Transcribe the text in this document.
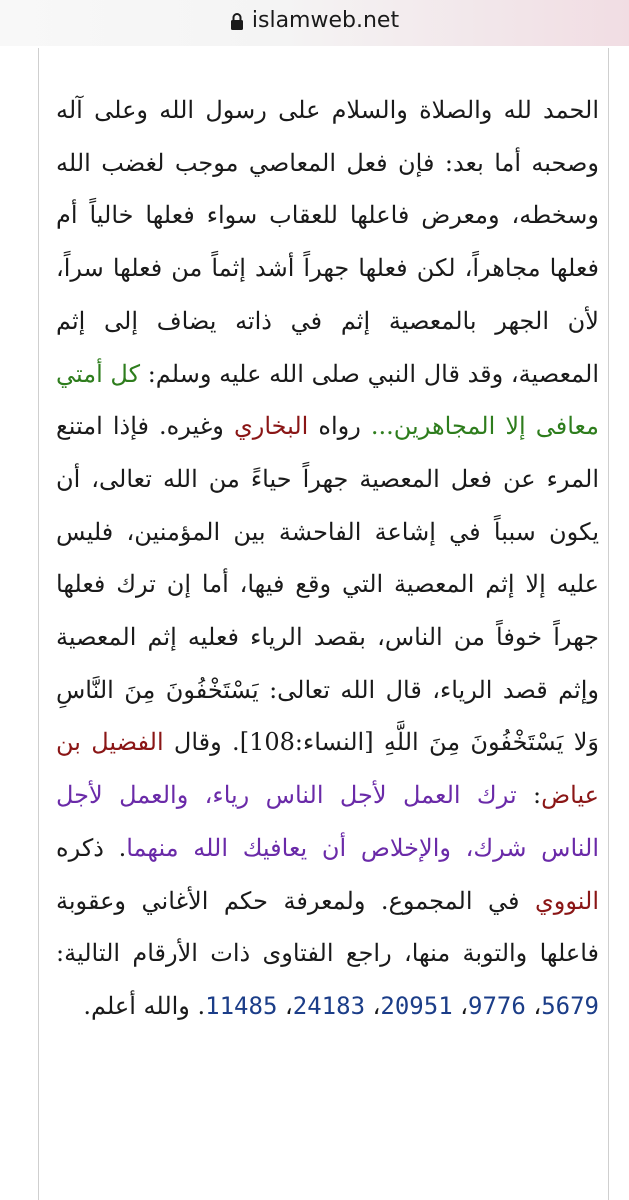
islamweb.net
الحمد لله والصلاة والسلام على رسول الله وعلى آله وصحبه أما بعد: فإن فعل المعاصي موجب لغضب الله وسخطه، ومعرض فاعلها للعقاب سواء فعلها خالياً أم فعلها مجاهراً، لكن فعلها جهراً أشد إثماً من فعلها سراً، لأن الجهر بالمعصية إثم في ذاته يضاف إلى إثم المعصية، وقد قال النبي صلى الله عليه وسلم: كل أمتي معافى إلا المجاهرين... رواه البخاري وغيره. فإذا امتنع المرء عن فعل المعصية جهراً حياءً من الله تعالى، أن يكون سبباً في إشاعة الفاحشة بين المؤمنين، فليس عليه إلا إثم المعصية التي وقع فيها، أما إن ترك فعلها جهراً خوفاً من الناس، بقصد الرياء فعليه إثم المعصية وإثم قصد الرياء، قال الله تعالى: يَسْتَخْفُونَ مِنَ النَّاسِ وَلا يَسْتَخْفُونَ مِنَ اللَّهِ [النساء:108]. وقال الفضيل بن عياض: ترك العمل لأجل الناس رياء، والعمل لأجل الناس شرك، والإخلاص أن يعافيك الله منهما. ذكره النووي في المجموع. ولمعرفة حكم الأغاني وعقوبة فاعلها والتوبة منها، راجع الفتاوى ذات الأرقام التالية: 5679، 9776، 20951، 24183، 11485. والله أعلم.
